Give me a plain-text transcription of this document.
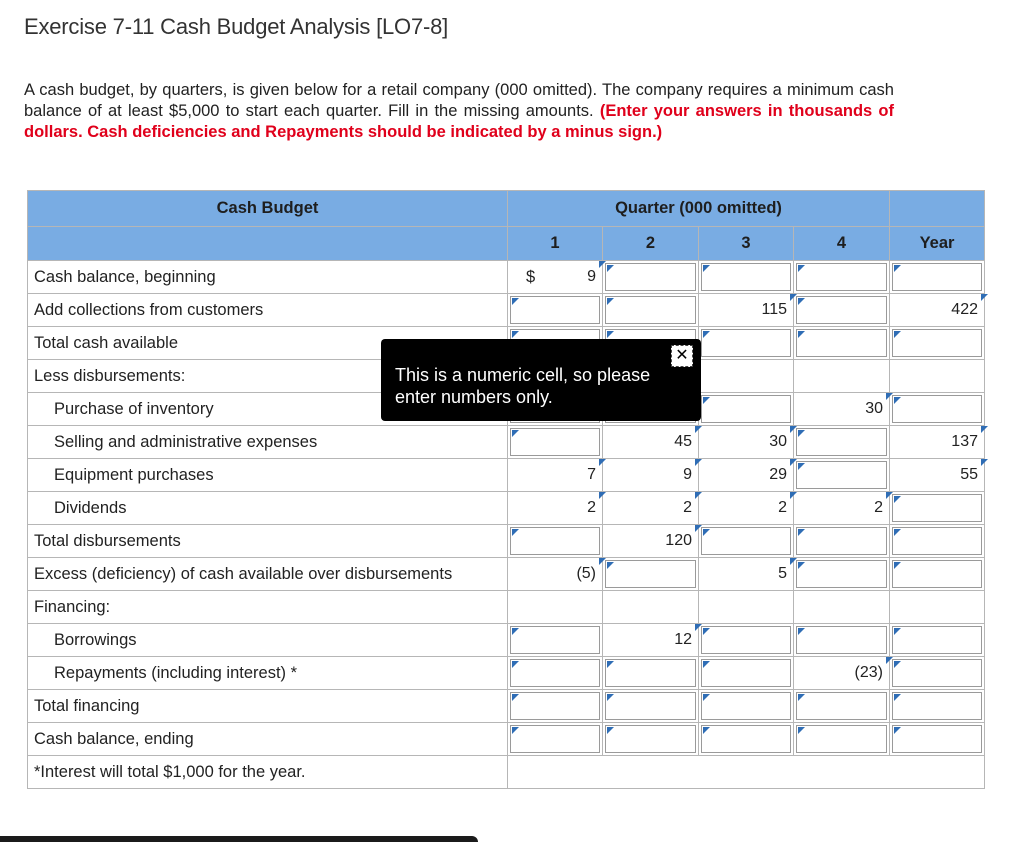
Exercise 7-11 Cash Budget Analysis [LO7-8]
A cash budget, by quarters, is given below for a retail company (000 omitted). The company requires a minimum cash balance of at least $5,000 to start each quarter. Fill in the missing amounts. (Enter your answers in thousands of dollars. Cash deficiencies and Repayments should be indicated by a minus sign.)
Cash Budget	Quarter (000 omitted)				
	1	2	3	4	Year
Cash balance, beginning	$ 9				

Add collections from customers			115		422

Total cash available	

Less disbursements:					
Purchase of inventory				30	

Selling and administrative expenses		45	30		137

Equipment purchases	7	9	29		55

Dividends	2	2	2	2	

Total disbursements		120			

Excess (deficiency) of cash available over disbursements	(5)		5		

Financing:					
Borrowings		12			

Repayments (including interest) *				(23)	

Total financing	

Cash balance, ending	

*Interest will total $1,000 for the year.					
✕
This is a numeric cell, so please enter numbers only.
